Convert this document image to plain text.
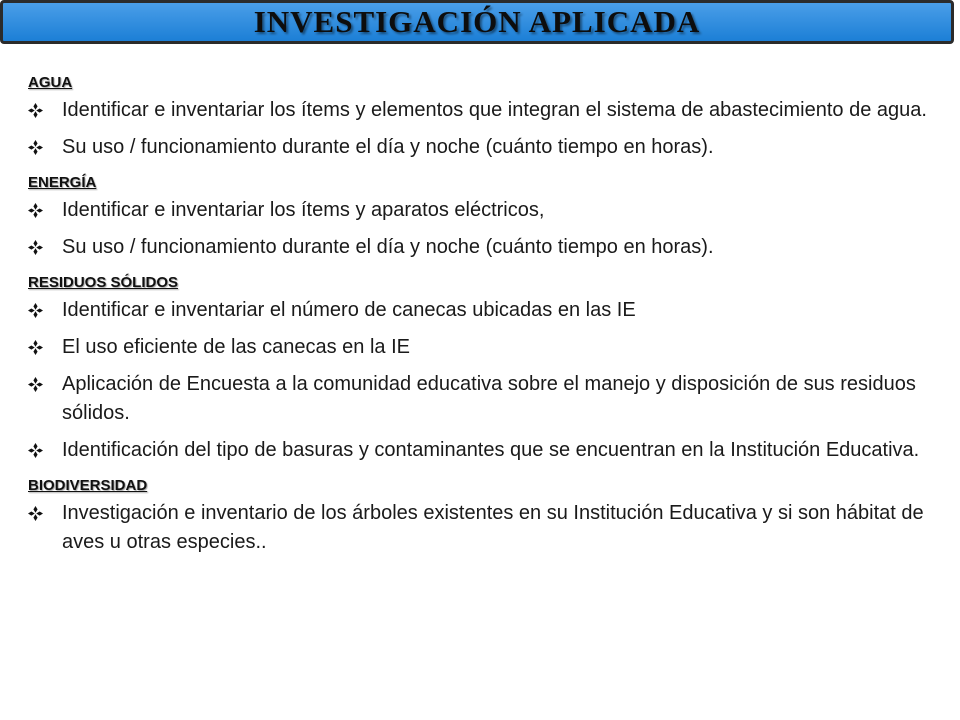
INVESTIGACIÓN APLICADA

AGUA

Identificar e inventariar los ítems y elementos que integran el sistema de abastecimiento de agua.
Su uso / funcionamiento durante el día y noche (cuánto tiempo en horas).

ENERGÍA

Identificar e inventariar los ítems y aparatos eléctricos,
Su uso / funcionamiento durante el día y noche (cuánto tiempo en horas).

RESIDUOS SÓLIDOS

Identificar e inventariar el número de canecas ubicadas en las IE
El uso eficiente de las canecas en la IE
Aplicación de Encuesta a la comunidad educativa sobre el manejo y disposición de sus residuos sólidos.
Identificación del tipo de basuras y contaminantes que se encuentran en la Institución Educativa.

BIODIVERSIDAD

Investigación e inventario de los árboles existentes en su Institución Educativa y si son hábitat de aves u otras especies..
